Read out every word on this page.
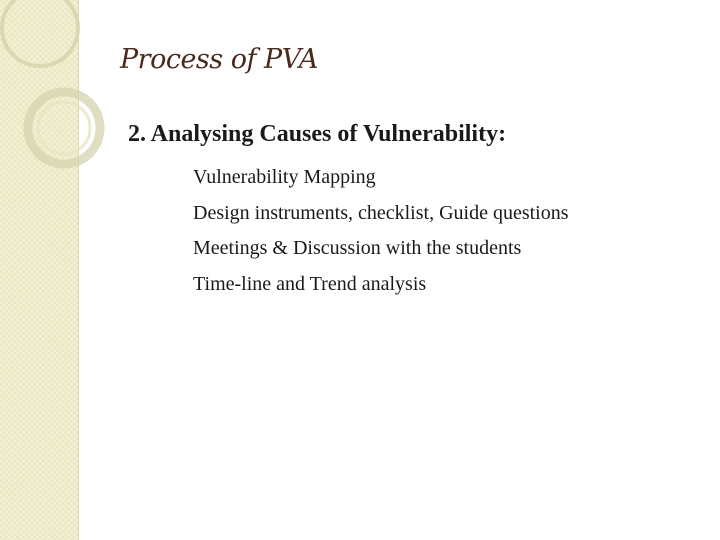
Process of PVA
2. Analysing Causes of Vulnerability:
Vulnerability Mapping
Design instruments, checklist, Guide questions
Meetings & Discussion with the students
Time-line and Trend analysis
